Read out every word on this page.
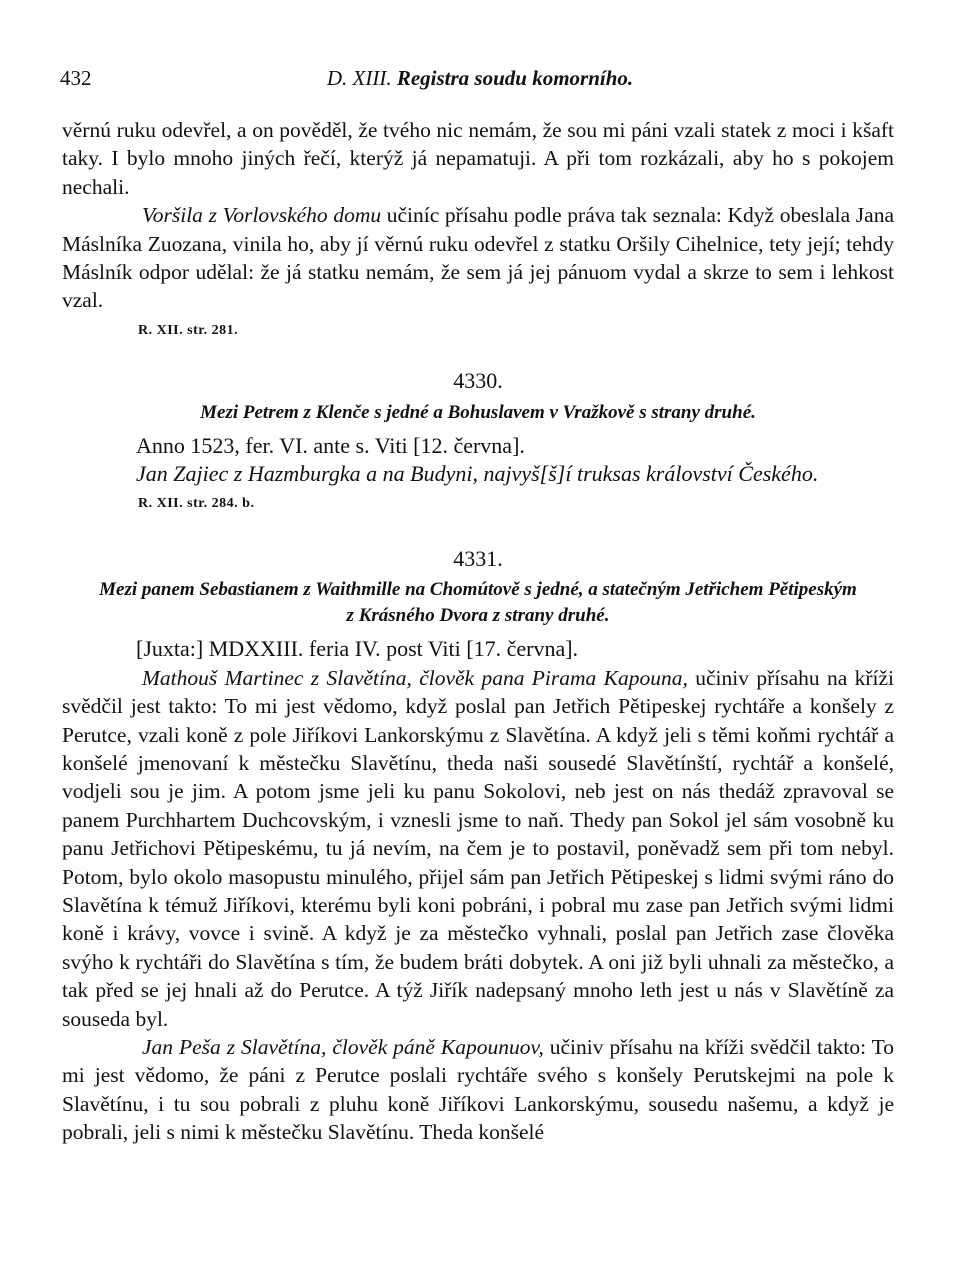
432	D. XIII. Registra soudu komorního.

věrnú ruku odevřel, a on pověděl, že tvého nic nemám, že sou mi páni vzali statek z moci i kšaft taky. I bylo mnoho jiných řečí, kterýž já nepamatuji. A při tom rozkázali, aby ho s pokojem nechali.

Voršila z Vorlovského domu učiníc přísahu podle práva tak seznala: Když obeslala Jana Máslníka Zuozana, vinila ho, aby jí věrnú ruku odevřel z statku Oršily Cihelnice, tety její; tehdy Máslník odpor udělal: že já statku nemám, že sem já jej pánuom vydal a skrze to sem i lehkost vzal.

R. XII. str. 281.

4330.
Mezi Petrem z Klenče s jedné a Bohuslavem v Vražkově s strany druhé.

Anno 1523, fer. VI. ante s. Viti [12. června].

Jan Zajiec z Hazmburgka a na Budyni, najvyš[š]í truksas království Českého.

R. XII. str. 284. b.

4331.
Mezi panem Sebastianem z Waithmille na Chomútově s jedné, a statečným Jetřichem Pětipeským
z Krásného Dvora z strany druhé.

[Juxta:] MDXXIII. feria IV. post Viti [17. června].

Mathouš Martinec z Slavětína, člověk pana Pirama Kapouna, učiniv přísahu na kříži svědčil jest takto: To mi jest vědomo, když poslal pan Jetřich Pětipeskej rychtáře a konšely z Perutce, vzali koně z pole Jiříkovi Lankorskýmu z Slavětína. A když jeli s těmi koňmi rychtář a konšelé jmenovaní k městečku Slavětínu, theda naši sousedé Slavětínští, rychtář a konšelé, vodjeli sou je jim. A potom jsme jeli ku panu Sokolovi, neb jest on nás thedáž zpravoval se panem Purchhartem Duchcovským, i vznesli jsme to naň. Thedy pan Sokol jel sám vosobně ku panu Jetřichovi Pětipeskému, tu já nevím, na čem je to postavil, poněvadž sem při tom nebyl. Potom, bylo okolo masopustu minulého, přijel sám pan Jetřich Pětipeskej s lidmi svými ráno do Slavětína k témuž Jiříkovi, kterému byli koni pobráni, i pobral mu zase pan Jetřich svými lidmi koně i krávy, vovce i svině. A když je za městečko vyhnali, poslal pan Jetřich zase člověka svýho k rychtáři do Slavětína s tím, že budem bráti dobytek. A oni již byli uhnali za městečko, a tak před se jej hnali až do Perutce. A týž Jiřík nadepsaný mnoho leth jest u nás v Slavětíně za souseda byl.

Jan Peša z Slavětína, člověk páně Kapounuov, učiniv přísahu na kříži svědčil takto: To mi jest vědomo, že páni z Perutce poslali rychtáře svého s konšely Perutskejmi na pole k Slavětínu, i tu sou pobrali z pluhu koně Jiříkovi Lankorskýmu, sousedu našemu, a když je pobrali, jeli s nimi k městečku Slavětínu. Theda konšelé
